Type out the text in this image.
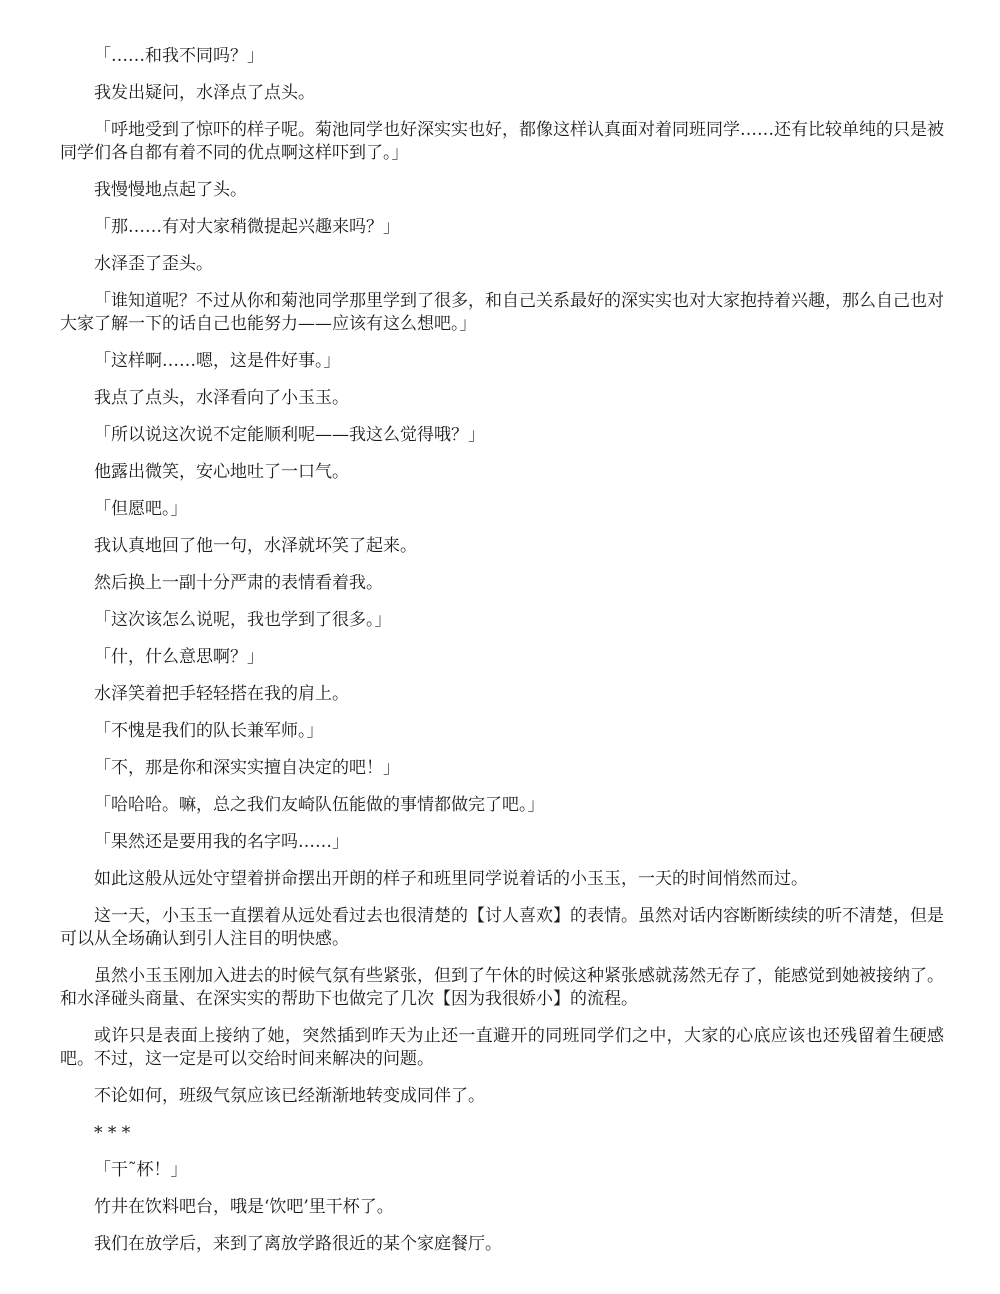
「……和我不同吗？」

我发出疑问，水泽点了点头。

「呼地受到了惊吓的样子呢。菊池同学也好深实实也好，都像这样认真面对着同班同学……还有比较单纯的只是被同学们各自都有着不同的优点啊这样吓到了。」

我慢慢地点起了头。

「那……有对大家稍微提起兴趣来吗？」

水泽歪了歪头。

「谁知道呢？不过从你和菊池同学那里学到了很多，和自己关系最好的深实实也对大家抱持着兴趣，那么自己也对大家了解一下的话自己也能努力——应该有这么想吧。」

「这样啊……嗯，这是件好事。」

我点了点头，水泽看向了小玉玉。

「所以说这次说不定能顺利呢——我这么觉得哦？」

他露出微笑，安心地吐了一口气。

「但愿吧。」

我认真地回了他一句，水泽就坏笑了起来。

然后换上一副十分严肃的表情看着我。

「这次该怎么说呢，我也学到了很多。」

「什，什么意思啊？」

水泽笑着把手轻轻搭在我的肩上。

「不愧是我们的队长兼军师。」

「不，那是你和深实实擅自决定的吧！」

「哈哈哈。嘛，总之我们友崎队伍能做的事情都做完了吧。」

「果然还是要用我的名字吗……」

如此这般从远处守望着拼命摆出开朗的样子和班里同学说着话的小玉玉，一天的时间悄然而过。

这一天，小玉玉一直摆着从远处看过去也很清楚的【讨人喜欢】的表情。虽然对话内容断断续续的听不清楚，但是可以从全场确认到引人注目的明快感。

虽然小玉玉刚加入进去的时候气氛有些紧张，但到了午休的时候这种紧张感就荡然无存了，能感觉到她被接纳了。和水泽碰头商量、在深实实的帮助下也做完了几次【因为我很娇小】的流程。

或许只是表面上接纳了她，突然插到昨天为止还一直避开的同班同学们之中，大家的心底应该也还残留着生硬感吧。不过，这一定是可以交给时间来解决的问题。

不论如何，班级气氛应该已经渐渐地转变成同伴了。

* * *

「干˜杯！」

竹井在饮料吧台，哦是‘饮吧’里干杯了。

我们在放学后，来到了离放学路很近的某个家庭餐厅。
